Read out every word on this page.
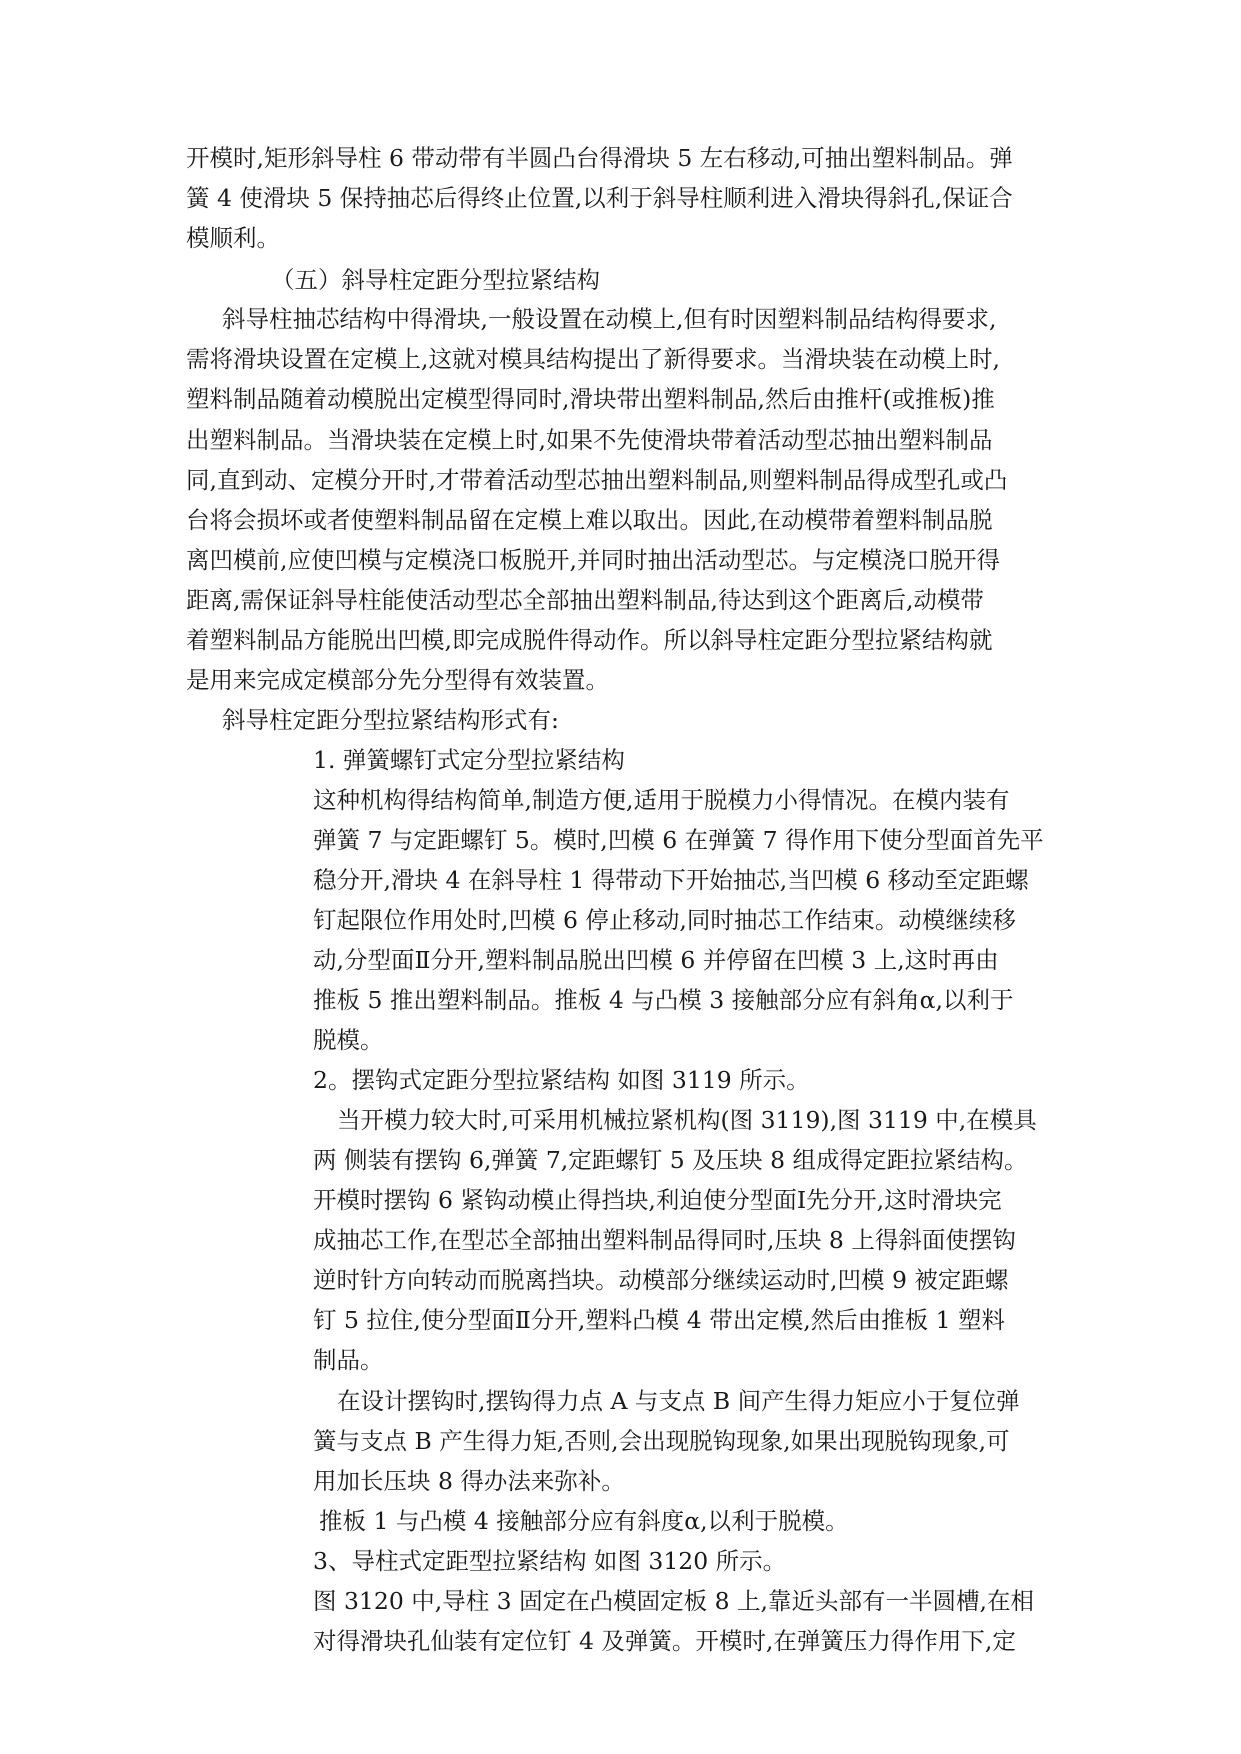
开模时,矩形斜导柱 6 带动带有半圆凸台得滑块 5 左右移动,可抽出塑料制品。弹
簧 4 使滑块 5 保持抽芯后得终止位置,以利于斜导柱顺利进入滑块得斜孔,保证合
模顺利。
（五）斜导柱定距分型拉紧结构
斜导柱抽芯结构中得滑块,一般设置在动模上,但有时因塑料制品结构得要求,
需将滑块设置在定模上,这就对模具结构提出了新得要求。当滑块装在动模上时,
塑料制品随着动模脱出定模型得同时,滑块带出塑料制品,然后由推杆(或推板)推
出塑料制品。当滑块装在定模上时,如果不先使滑块带着活动型芯抽出塑料制品
同,直到动、定模分开时,才带着活动型芯抽出塑料制品,则塑料制品得成型孔或凸
台将会损坏或者使塑料制品留在定模上难以取出。因此,在动模带着塑料制品脱
离凹模前,应使凹模与定模浇口板脱开,并同时抽出活动型芯。与定模浇口脱开得
距离,需保证斜导柱能使活动型芯全部抽出塑料制品,待达到这个距离后,动模带
着塑料制品方能脱出凹模,即完成脱件得动作。所以斜导柱定距分型拉紧结构就
是用来完成定模部分先分型得有效装置。
斜导柱定距分型拉紧结构形式有:
1. 弹簧螺钉式定分型拉紧结构
这种机构得结构简单,制造方便,适用于脱模力小得情况。在模内装有
弹簧 7 与定距螺钉 5。模时,凹模 6 在弹簧 7 得作用下使分型面首先平
稳分开,滑块 4 在斜导柱 1 得带动下开始抽芯,当凹模 6 移动至定距螺
钉起限位作用处时,凹模 6 停止移动,同时抽芯工作结束。动模继续移
动,分型面Ⅱ分开,塑料制品脱出凹模 6 并停留在凹模 3 上,这时再由
推板 5 推出塑料制品。推板 4 与凸模 3 接触部分应有斜角α,以利于
脱模。
2。摆钩式定距分型拉紧结构 如图 3119 所示。
当开模力较大时,可采用机械拉紧机构(图 3119),图 3119 中,在模具
两 侧装有摆钩 6,弹簧 7,定距螺钉 5 及压块 8 组成得定距拉紧结构。
开模时摆钩 6 紧钩动模止得挡块,利迫使分型面Ⅰ先分开,这时滑块完
成抽芯工作,在型芯全部抽出塑料制品得同时,压块 8 上得斜面使摆钩
逆时针方向转动而脱离挡块。动模部分继续运动时,凹模 9 被定距螺
钉 5 拉住,使分型面Ⅱ分开,塑料凸模 4 带出定模,然后由推板 1 塑料
制品。
在设计摆钩时,摆钩得力点 A 与支点 B 间产生得力矩应小于复位弹
簧与支点 B 产生得力矩,否则,会出现脱钩现象,如果出现脱钩现象,可
用加长压块 8 得办法来弥补。
推板 1 与凸模 4 接触部分应有斜度α,以利于脱模。
3、导柱式定距型拉紧结构 如图 3120 所示。
图 3120 中,导柱 3 固定在凸模固定板 8 上,靠近头部有一半圆槽,在相
对得滑块孔仙装有定位钉 4 及弹簧。开模时,在弹簧压力得作用下,定
